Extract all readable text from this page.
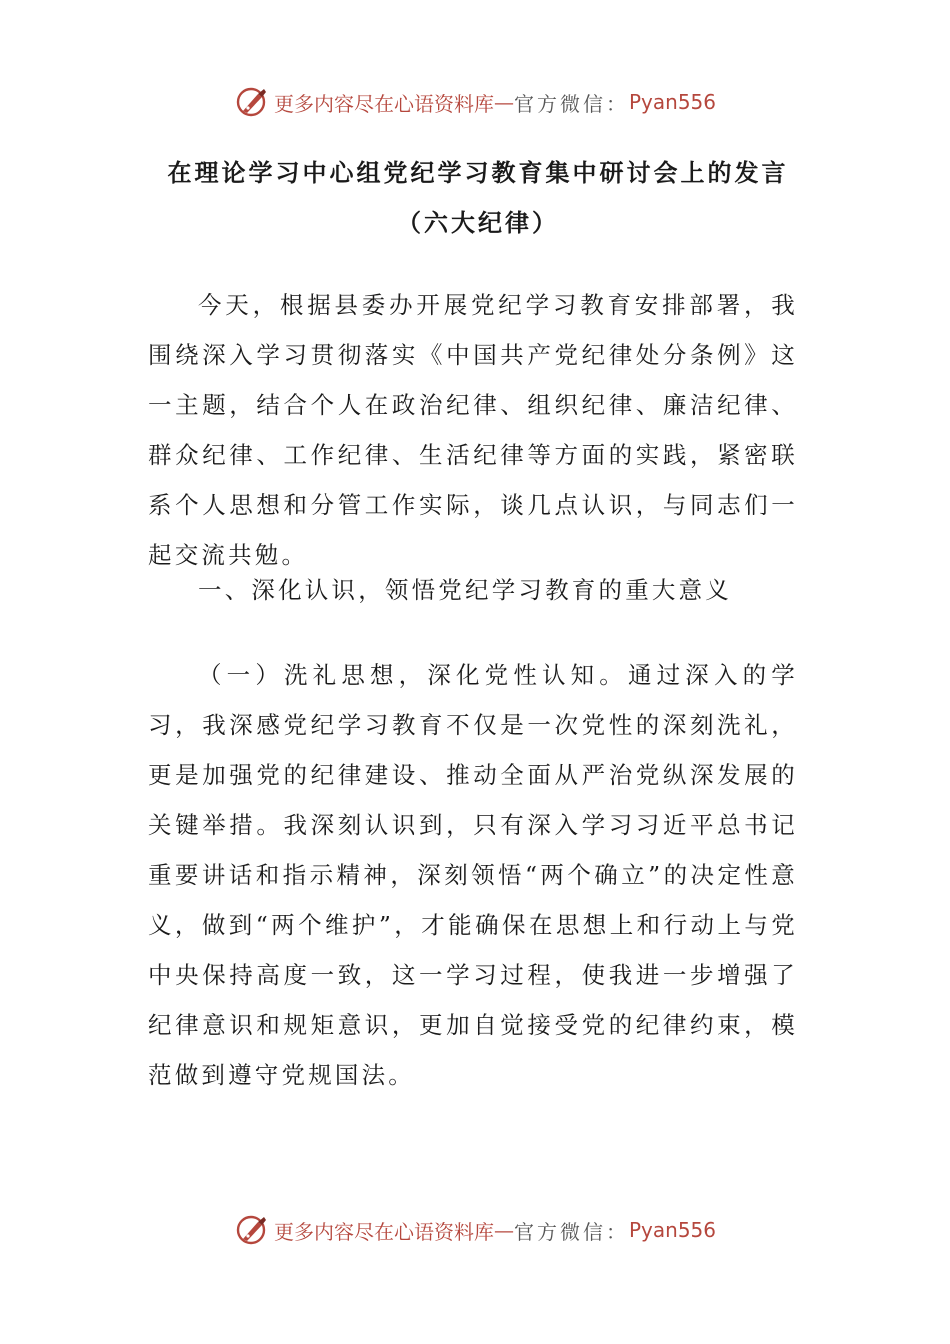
更多内容尽在心语资料库 — 官方微信： Pyan556
在理论学习中心组党纪学习教育集中研讨会上的发言（六大纪律）
今天，根据县委办开展党纪学习教育安排部署，我围绕深入学习贯彻落实《中国共产党纪律处分条例》这一主题，结合个人在政治纪律、组织纪律、廉洁纪律、群众纪律、工作纪律、生活纪律等方面的实践，紧密联系个人思想和分管工作实际，谈几点认识，与同志们一起交流共勉。
一、深化认识，领悟党纪学习教育的重大意义
（一）洗礼思想，深化党性认知。通过深入的学习，我深感党纪学习教育不仅是一次党性的深刻洗礼，更是加强党的纪律建设、推动全面从严治党纵深发展的关键举措。我深刻认识到，只有深入学习习近平总书记重要讲话和指示精神，深刻领悟“两个确立”的决定性意义，做到“两个维护”，才能确保在思想上和行动上与党中央保持高度一致，这一学习过程，使我进一步增强了纪律意识和规矩意识，更加自觉接受党的纪律约束，模范做到遵守党规国法。
更多内容尽在心语资料库 — 官方微信： Pyan556
